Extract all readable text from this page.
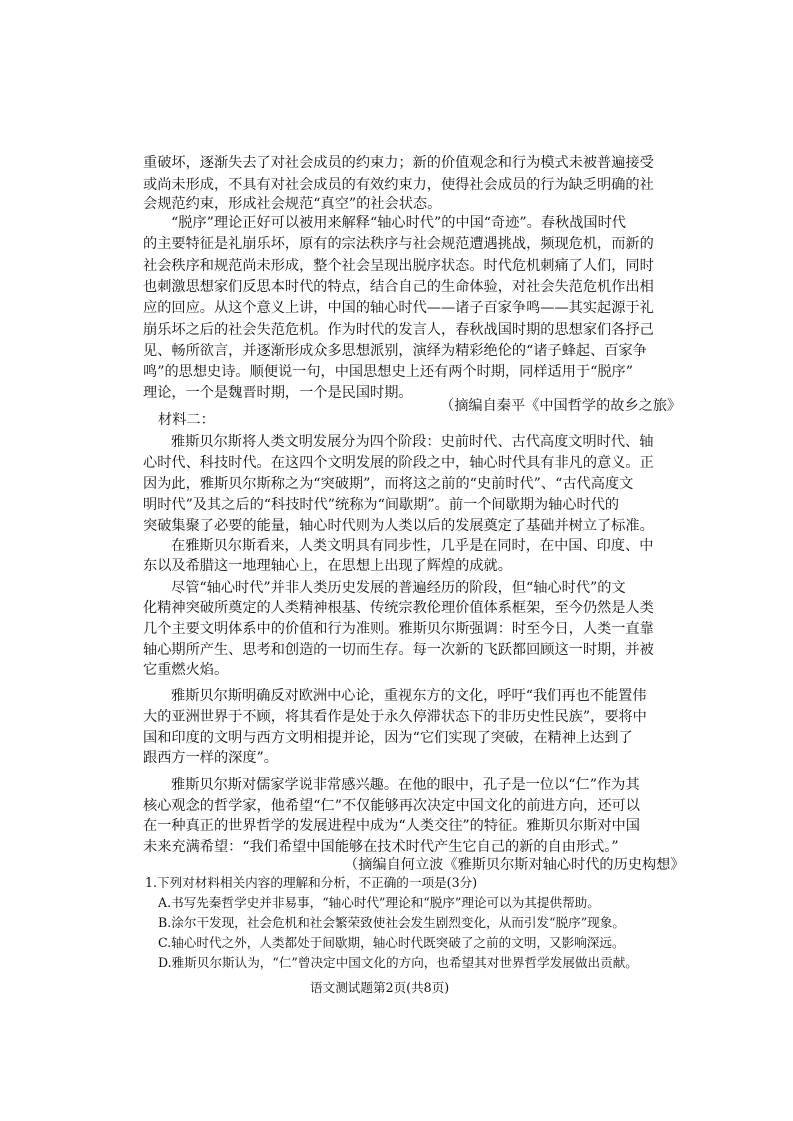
重破坏，逐渐失去了对社会成员的约束力；新的价值观念和行为模式未被普遍接受
或尚未形成，不具有对社会成员的有效约束力，使得社会成员的行为缺乏明确的社
会规范约束，形成社会规范“真空”的社会状态。
“脱序”理论正好可以被用来解释“轴心时代”的中国“奇迹”。春秋战国时代
的主要特征是礼崩乐坏，原有的宗法秩序与社会规范遭遇挑战，频现危机，而新的
社会秩序和规范尚未形成，整个社会呈现出脱序状态。时代危机刺痛了人们，同时
也刺激思想家们反思本时代的特点，结合自己的生命体验，对社会失范危机作出相
应的回应。从这个意义上讲，中国的轴心时代——诸子百家争鸣——其实起源于礼
崩乐坏之后的社会失范危机。作为时代的发言人，春秋战国时期的思想家们各抒己
见、畅所欲言，并逐渐形成众多思想派别，演绎为精彩绝伦的“诸子蜂起、百家争
鸣”的思想史诗。顺便说一句，中国思想史上还有两个时期，同样适用于“脱序”
理论，一个是魏晋时期，一个是民国时期。
（摘编自秦平《中国哲学的故乡之旅》
材料二：
雅斯贝尔斯将人类文明发展分为四个阶段：史前时代、古代高度文明时代、轴
心时代、科技时代。在这四个文明发展的阶段之中，轴心时代具有非凡的意义。正
因为此，雅斯贝尔斯称之为“突破期”，而将这之前的“史前时代”、“古代高度文
明时代”及其之后的“科技时代”统称为“间歇期”。前一个间歇期为轴心时代的
突破集聚了必要的能量，轴心时代则为人类以后的发展奠定了基础并树立了标准。
在雅斯贝尔斯看来，人类文明具有同步性，几乎是在同时，在中国、印度、中
东以及希腊这一地理轴心上，在思想上出现了辉煌的成就。
尽管“轴心时代”并非人类历史发展的普遍经历的阶段，但“轴心时代”的文
化精神突破所奠定的人类精神根基、传统宗教伦理价值体系框架，至今仍然是人类
几个主要文明体系中的价值和行为准则。雅斯贝尔斯强调：时至今日，人类一直靠
轴心期所产生、思考和创造的一切而生存。每一次新的飞跃都回顾这一时期，并被
它重燃火焰。
雅斯贝尔斯明确反对欧洲中心论，重视东方的文化，呼吁“我们再也不能置伟
大的亚洲世界于不顾，将其看作是处于永久停滞状态下的非历史性民族”，要将中
国和印度的文明与西方文明相提并论，因为“它们实现了突破，在精神上达到了
跟西方一样的深度”。
雅斯贝尔斯对儒家学说非常感兴趣。在他的眼中，孔子是一位以“仁”作为其
核心观念的哲学家，他希望“仁”不仅能够再次决定中国文化的前进方向，还可以
在一种真正的世界哲学的发展进程中成为“人类交往”的特征。雅斯贝尔斯对中国
未来充满希望：“我们希望中国能够在技术时代产生它自己的新的自由形式。”
（摘编自何立波《雅斯贝尔斯对轴心时代的历史构想》
1.下列对材料相关内容的理解和分析，不正确的一项是(3分)
A.书写先秦哲学史并非易事，“轴心时代”理论和“脱序”理论可以为其提供帮助。
B.涂尔干发现，社会危机和社会繁荣致使社会发生剧烈变化，从而引发“脱序”现象。
C.轴心时代之外，人类都处于间歇期，轴心时代既突破了之前的文明，又影响深远。
D.雅斯贝尔斯认为，“仁”曾决定中国文化的方向，也希望其对世界哲学发展做出贡献。
语文测试题第2页(共8页)
